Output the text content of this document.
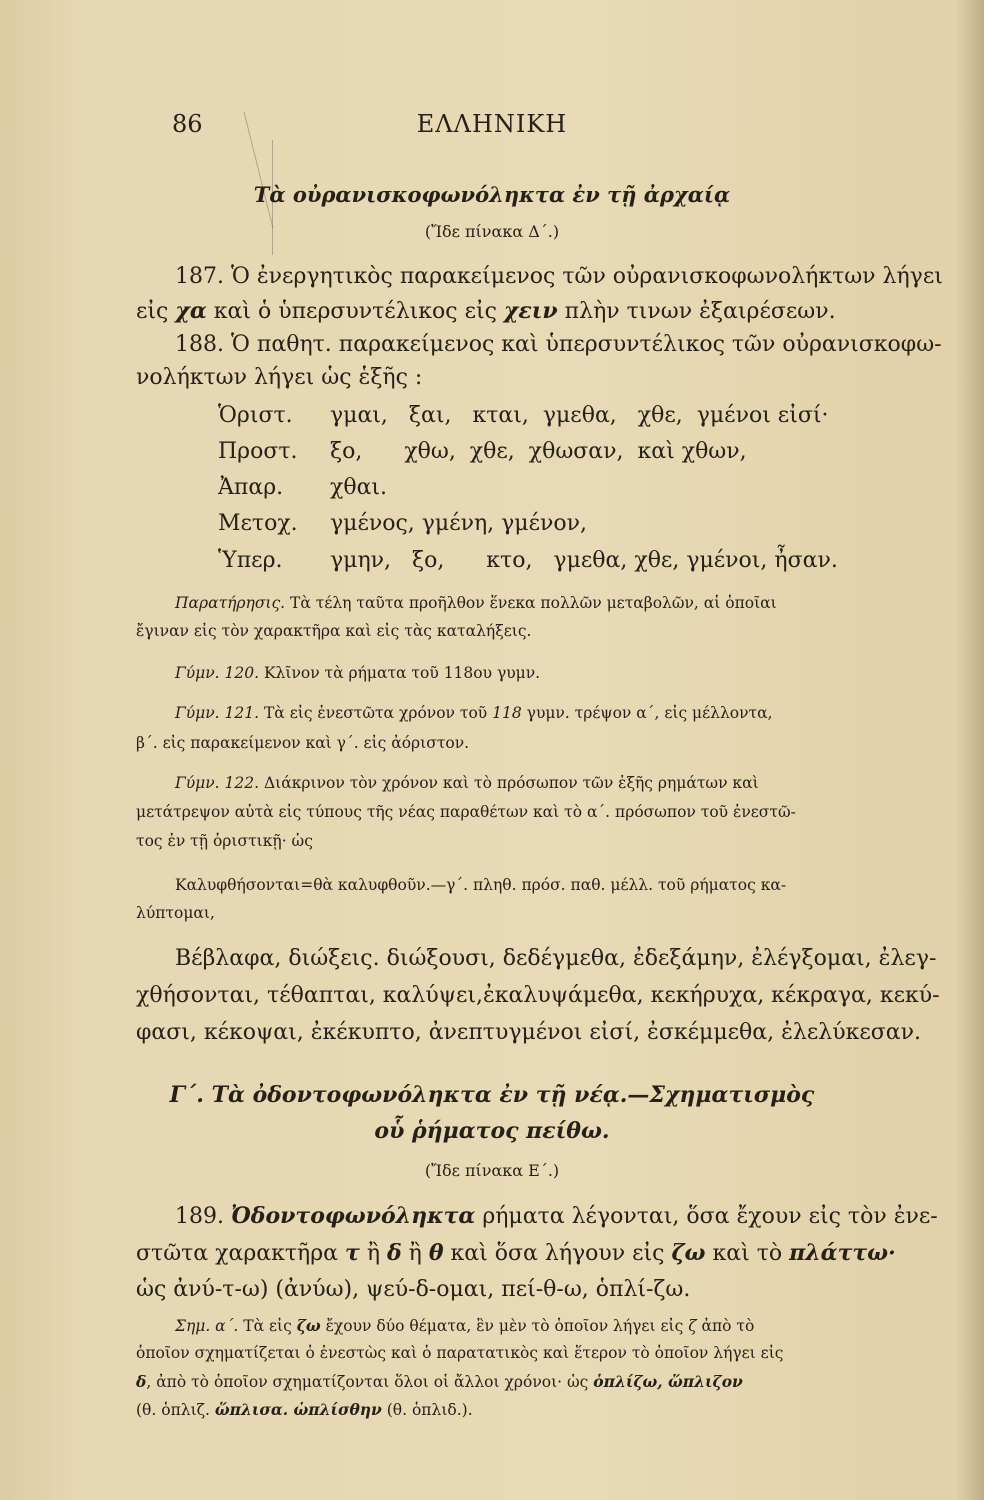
86	ΕΛΛΗΝΙΚΗ
Τὰ οὐρανισκοφωνόληκτα ἐν τῇ ἀρχαίᾳ
(Ἴδε πίνακα Δ΄.)
187. Ὁ ἐνεργητικὸς παρακείμενος τῶν οὐρανισκοφωνολήκτων λήγει
εἰς χα καὶ ὁ ὑπερσυντέλικος εἰς χειν πλὴν τινων ἐξαιρέσεων.
188. Ὁ παθητ. παρακείμενος καὶ ὑπερσυντέλικος τῶν οὐρανισκοφω-
νολήκτων λήγει ὡς ἑξῆς :
Ὁριστ. γμαι,   ξαι,   κται,  γμεθα,   χθε,  γμένοι εἰσί·
Προστ. ξο,      χθω,  χθε,  χθωσαν,  καὶ χθων,
Ἀπαρ. χθαι.
Μετοχ. γμένος, γμένη, γμένον,
Ὑπερ. γμην,   ξο,      κτο,   γμεθα, χθε, γμένοι, ἦσαν.
Παρατήρησις. Τὰ τέλη ταῦτα προῆλθον ἕνεκα πολλῶν μεταβολῶν, αἱ ὁποῖαι
ἔγιναν εἰς τὸν χαρακτῆρα καὶ εἰς τὰς καταλήξεις.
Γύμν. 120. Κλῖνον τὰ ρήματα τοῦ 118ου γυμν.
Γύμν. 121. Τὰ εἰς ἐνεστῶτα χρόνον τοῦ 118 γυμν. τρέψον α΄, εἰς μέλλοντα,
β΄. εἰς παρακείμενον καὶ γ΄. εἰς ἀόριστον.
Γύμν. 122. Διάκρινον τὸν χρόνον καὶ τὸ πρόσωπον τῶν ἑξῆς ρημάτων καὶ
μετάτρεψον αὐτὰ εἰς τύπους τῆς νέας παραθέτων καὶ τὸ α΄. πρόσωπον τοῦ ἐνεστῶ-
τος ἐν τῇ ὁριστικῇ· ὡς
Καλυφθήσονται=θὰ καλυφθοῦν.—γ΄. πληθ. πρόσ. παθ. μέλλ. τοῦ ρήματος κα-
λύπτομαι,
Βέβλαφα, διώξεις. διώξουσι, δεδέγμεθα, ἐδεξάμην, ἐλέγξομαι, ἐλεγ-
χθήσονται, τέθαπται, καλύψει,ἐκαλυψάμεθα, κεκήρυχα, κέκραγα, κεκύ-
φασι, κέκοψαι, ἐκέκυπτο, ἀνεπτυγμένοι εἰσί, ἐσκέμμεθα, ἐλελύκεσαν.
Γ΄. Τὰ ὀδοντοφωνόληκτα ἐν τῇ νέᾳ.—Σχηματισμὸς
οὗ ῥήματος πείθω.
(Ἴδε πίνακα Ε΄.)
189. Ὀδοντοφωνόληκτα ρήματα λέγονται, ὅσα ἔχουν εἰς τὸν ἐνε-
στῶτα χαρακτῆρα τ ἢ δ ἢ θ καὶ ὅσα λήγουν εἰς ζω καὶ τὸ πλάττω·
ὡς ἀνύ-τ-ω) (ἀνύω), ψεύ-δ-ομαι, πεί-θ-ω, ὁπλί-ζω.
Σημ. α΄. Τὰ εἰς ζω ἔχουν δύο θέματα, ἓν μὲν τὸ ὁποῖον λήγει εἰς ζ ἀπὸ τὸ
ὁποῖον σχηματίζεται ὁ ἐνεστὼς καὶ ὁ παρατατικὸς καὶ ἕτερον τὸ ὁποῖον λήγει εἰς
δ, ἀπὸ τὸ ὁποῖον σχηματίζονται ὅλοι οἱ ἄλλοι χρόνοι· ὡς ὁπλίζω, ὥπλιζον
(θ. ὁπλιζ. ὥπλισα. ὡπλίσθην (θ. ὁπλιδ.).
